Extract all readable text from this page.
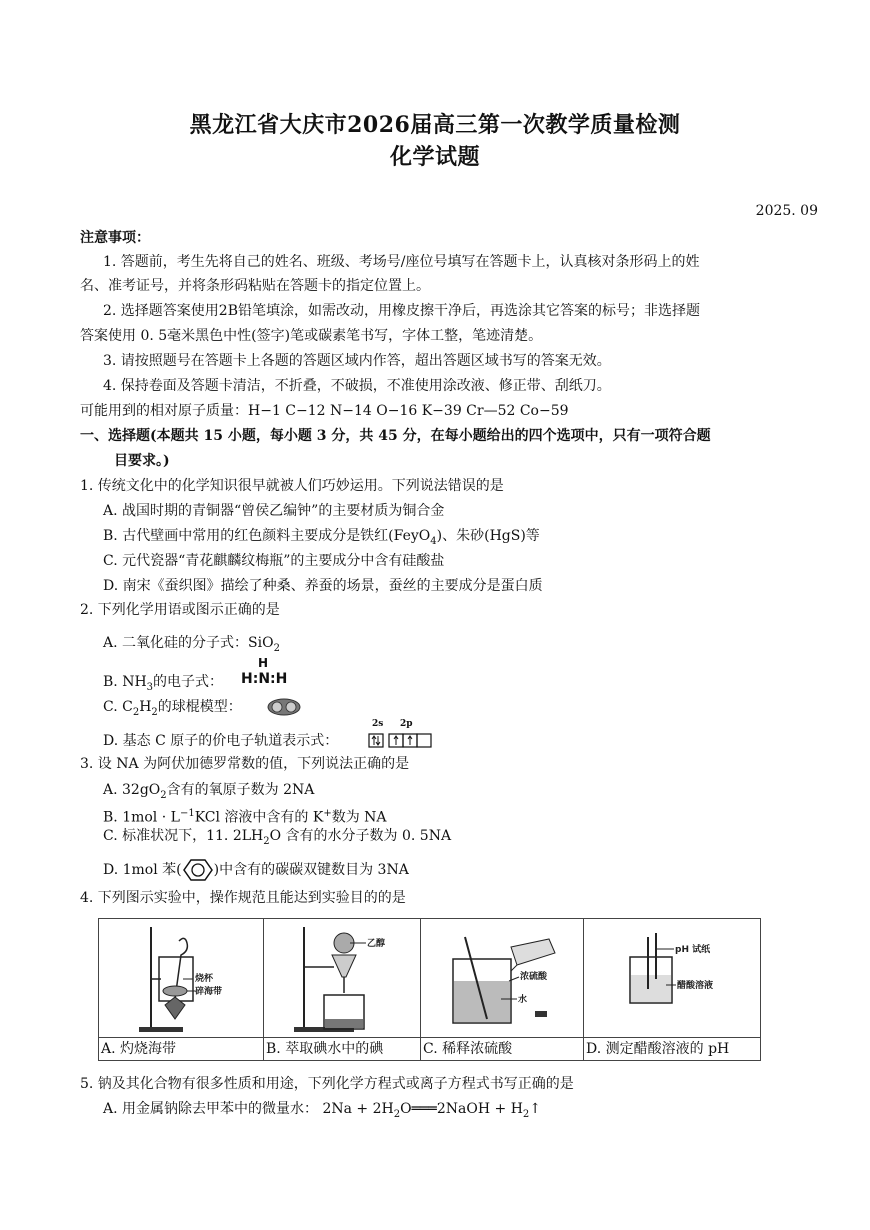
黑龙江省大庆市2026届高三第一次教学质量检测
化学试题
2025. 09
注意事项：
1. 答题前，考生先将自己的姓名、班级、考场号/座位号填写在答题卡上，认真核对条形码上的姓
名、准考证号，并将条形码粘贴在答题卡的指定位置上。
2. 选择题答案使用2B铅笔填涂，如需改动，用橡皮擦干净后，再选涂其它答案的标号；非选择题
答案使用 0. 5毫米黑色中性(签字)笔或碳素笔书写，字体工整，笔迹清楚。
3. 请按照题号在答题卡上各题的答题区域内作答，超出答题区域书写的答案无效。
4. 保持卷面及答题卡清洁，不折叠，不破损，不准使用涂改液、修正带、刮纸刀。
可能用到的相对原子质量：H−1 C−12 N−14 O−16 K−39 Cr—52 Co−59
一、选择题(本题共 15 小题，每小题 3 分，共 45 分，在每小题给出的四个选项中，只有一项符合题
目要求。)
1. 传统文化中的化学知识很早就被人们巧妙运用。下列说法错误的是
A. 战国时期的青铜器“曾侯乙编钟”的主要材质为铜合金
B. 古代壁画中常用的红色颜料主要成分是铁红(FeyO$_4$)、朱砂(HgS)等
C. 元代瓷器“青花麒麟纹梅瓶”的主要成分中含有硅酸盐
D. 南宋《蚕织图》描绘了种桑、养蚕的场景，蚕丝的主要成分是蛋白质
2. 下列化学用语或图示正确的是
A. 二氧化硅的分子式：SiO$_2$
B. $NH_3$的电子式：
H
H:N:H
C. $C_2H_2$的球棍模型：
D. 基态 C 原子的价电子轨道表示式：
2s 2p
3. 设 NA 为阿伏加德罗常数的值，下列说法正确的是
A. $32gO_2$含有的氧原子数为 2NA
B. $1mol \cdot L^{-1}KCl$ 溶液中含有的 K+数为 NA
C. 标准状况下，11. $2LH_2O$ 含有的水分子数为 0. 5NA
D. 1mol 苯( )中含有的碳碳双键数目为 3NA
4. 下列图示实验中，操作规范且能达到实验目的的是
烧杯
碎海带
A. 灼烧海带

乙醇
B. 萃取碘水中的碘

浓硫酸
水
C. 稀释浓硫酸

pH 试纸
醋酸溶液
D. 测定醋酸溶液的 pH
5. 钠及其化合物有很多性质和用途，下列化学方程式或离子方程式书写正确的是
A. 用金属钠除去甲苯中的微量水： $2Na + 2H_2O═══2NaOH$ + $H_2↑$
